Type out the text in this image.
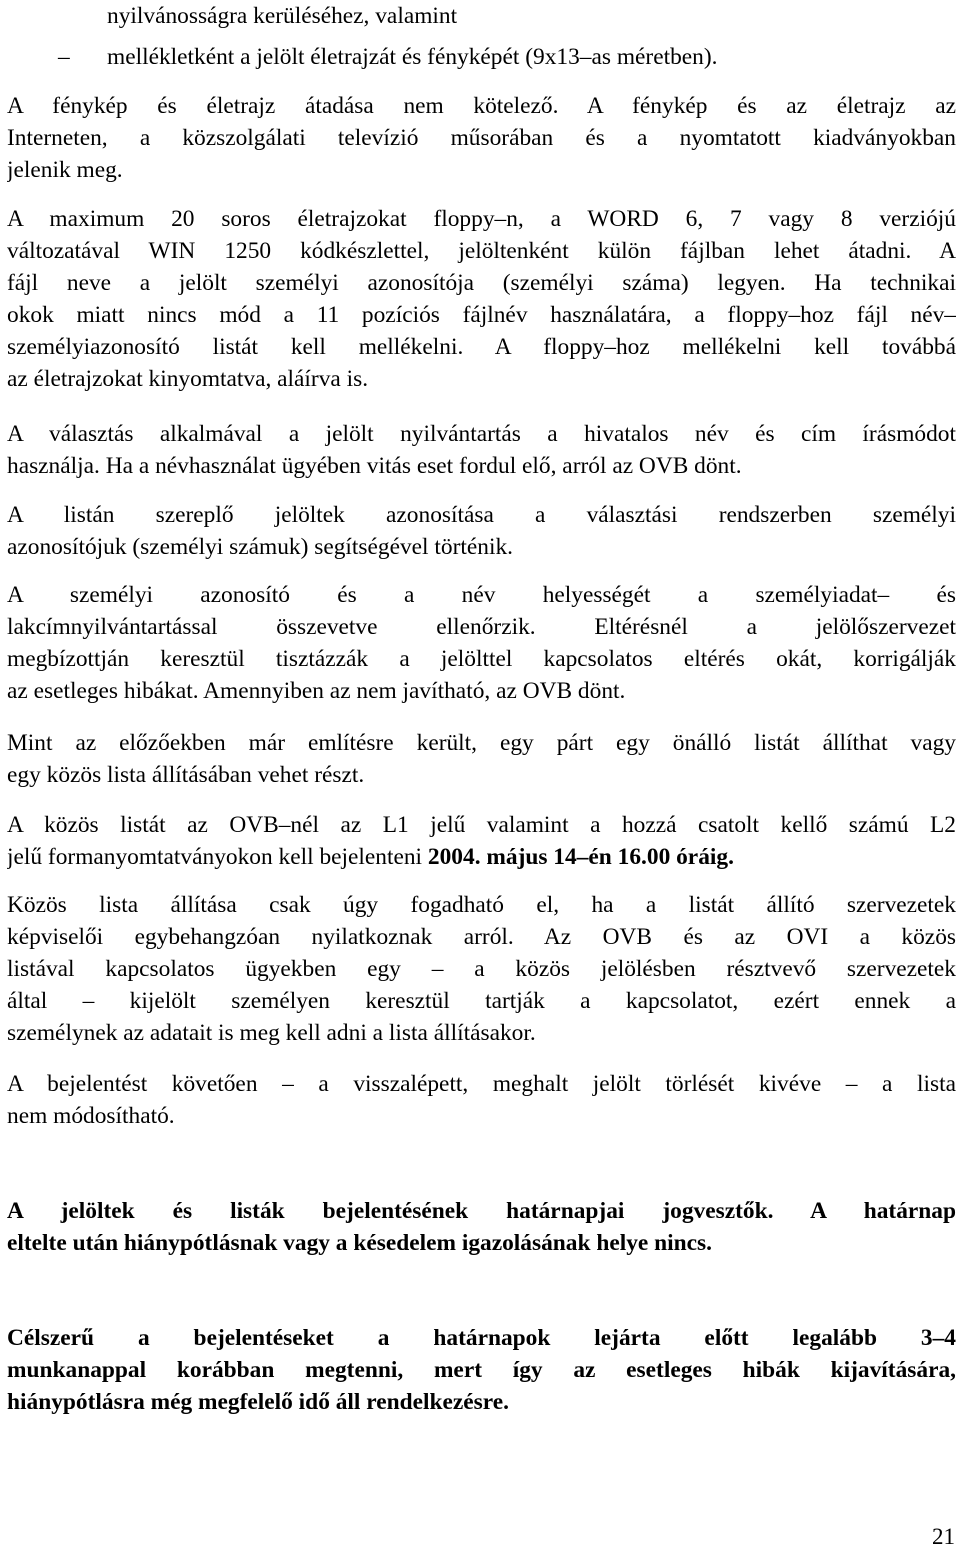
nyilvánosságra kerüléséhez, valamint
– mellékletként a jelölt életrajzát és fényképét (9x13–as méretben).
A fénykép és életrajz átadása nem kötelező. A fénykép és az életrajz az
Interneten, a közszolgálati televízió műsorában és a nyomtatott kiadványokban
jelenik meg.
A maximum 20 soros életrajzokat floppy–n, a WORD 6, 7 vagy 8 verziójú
változatával WIN 1250 kódkészlettel, jelöltenként külön fájlban lehet átadni. A
fájl neve a jelölt személyi azonosítója (személyi száma) legyen. Ha technikai
okok miatt nincs mód a 11 pozíciós fájlnév használatára, a floppy–hoz fájl név–
személyiazonosító listát kell mellékelni. A floppy–hoz mellékelni kell továbbá
az életrajzokat kinyomtatva, aláírva is.
A választás alkalmával a jelölt nyilvántartás a hivatalos név és cím írásmódot
használja. Ha a névhasználat ügyében vitás eset fordul elő, arról az OVB dönt.
A listán szereplő jelöltek azonosítása a választási rendszerben személyi
azonosítójuk (személyi számuk) segítségével történik.
A személyi azonosító és a név helyességét a személyiadat– és
lakcímnyilvántartással összevetve ellenőrzik. Eltérésnél a jelölőszervezet
megbízottján keresztül tisztázzák a jelölttel kapcsolatos eltérés okát, korrigálják
az esetleges hibákat. Amennyiben az nem javítható, az OVB dönt.
Mint az előzőekben már említésre került, egy párt egy önálló listát állíthat vagy
egy közös lista állításában vehet részt.
A közös listát az OVB–nél az L1 jelű valamint a hozzá csatolt kellő számú L2
jelű formanyomtatványokon kell bejelenteni 2004. május 14–én 16.00 óráig.
Közös lista állítása csak úgy fogadható el, ha a listát állító szervezetek
képviselői egybehangzóan nyilatkoznak arról. Az OVB és az OVI a közös
listával kapcsolatos ügyekben egy – a közös jelölésben résztvevő szervezetek
által – kijelölt személyen keresztül tartják a kapcsolatot, ezért ennek a
személynek az adatait is meg kell adni a lista állításakor.
A bejelentést követően – a visszalépett, meghalt jelölt törlését kivéve – a lista
nem módosítható.
A jelöltek és listák bejelentésének határnapjai jogvesztők. A határnap
eltelte után hiánypótlásnak vagy a késedelem igazolásának helye nincs.
Célszerű a bejelentéseket a határnapok lejárta előtt legalább 3–4
munkanappal korábban megtenni, mert így az esetleges hibák kijavítására,
hiánypótlásra még megfelelő idő áll rendelkezésre.
21
